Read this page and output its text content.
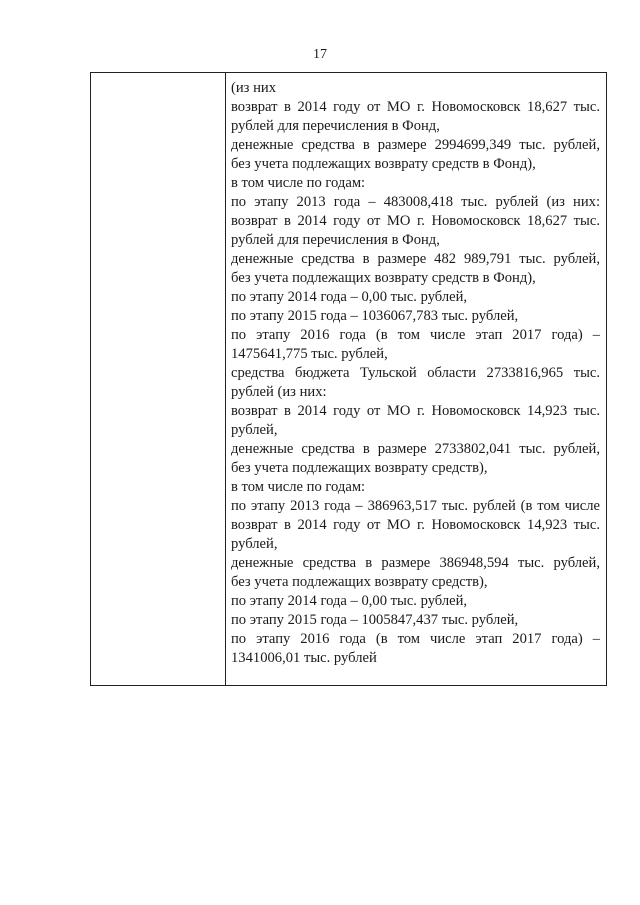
17
(из них
возврат в 2014 году от МО г. Новомосковск 18,627 тыс.
рублей для перечисления в Фонд,
денежные средства в размере 2994699,349 тыс. рублей,
без учета подлежащих возврату средств в Фонд),
в том числе по годам:
по этапу 2013 года – 483008,418 тыс. рублей (из них:
возврат в 2014 году от МО г. Новомосковск 18,627 тыс.
рублей для перечисления в Фонд,
денежные средства в размере 482 989,791 тыс. рублей,
без учета подлежащих возврату средств в Фонд),
по этапу 2014 года – 0,00 тыс. рублей,
по этапу 2015 года – 1036067,783 тыс. рублей,
по этапу 2016 года (в том числе этап 2017 года) –
1475641,775 тыс. рублей,
средства бюджета Тульской области 2733816,965 тыс.
рублей (из них:
возврат в 2014 году от МО г. Новомосковск 14,923 тыс.
рублей,
денежные средства в размере 2733802,041 тыс. рублей,
без учета подлежащих возврату средств),
в том числе по годам:
по этапу 2013 года – 386963,517 тыс. рублей (в том числе
возврат в 2014 году от МО г. Новомосковск 14,923 тыс.
рублей,
денежные средства в размере 386948,594 тыс. рублей,
без учета подлежащих возврату средств),
по этапу 2014 года – 0,00 тыс. рублей,
по этапу 2015 года – 1005847,437 тыс. рублей,
по этапу 2016 года (в том числе этап 2017 года) –
1341006,01 тыс. рублей
